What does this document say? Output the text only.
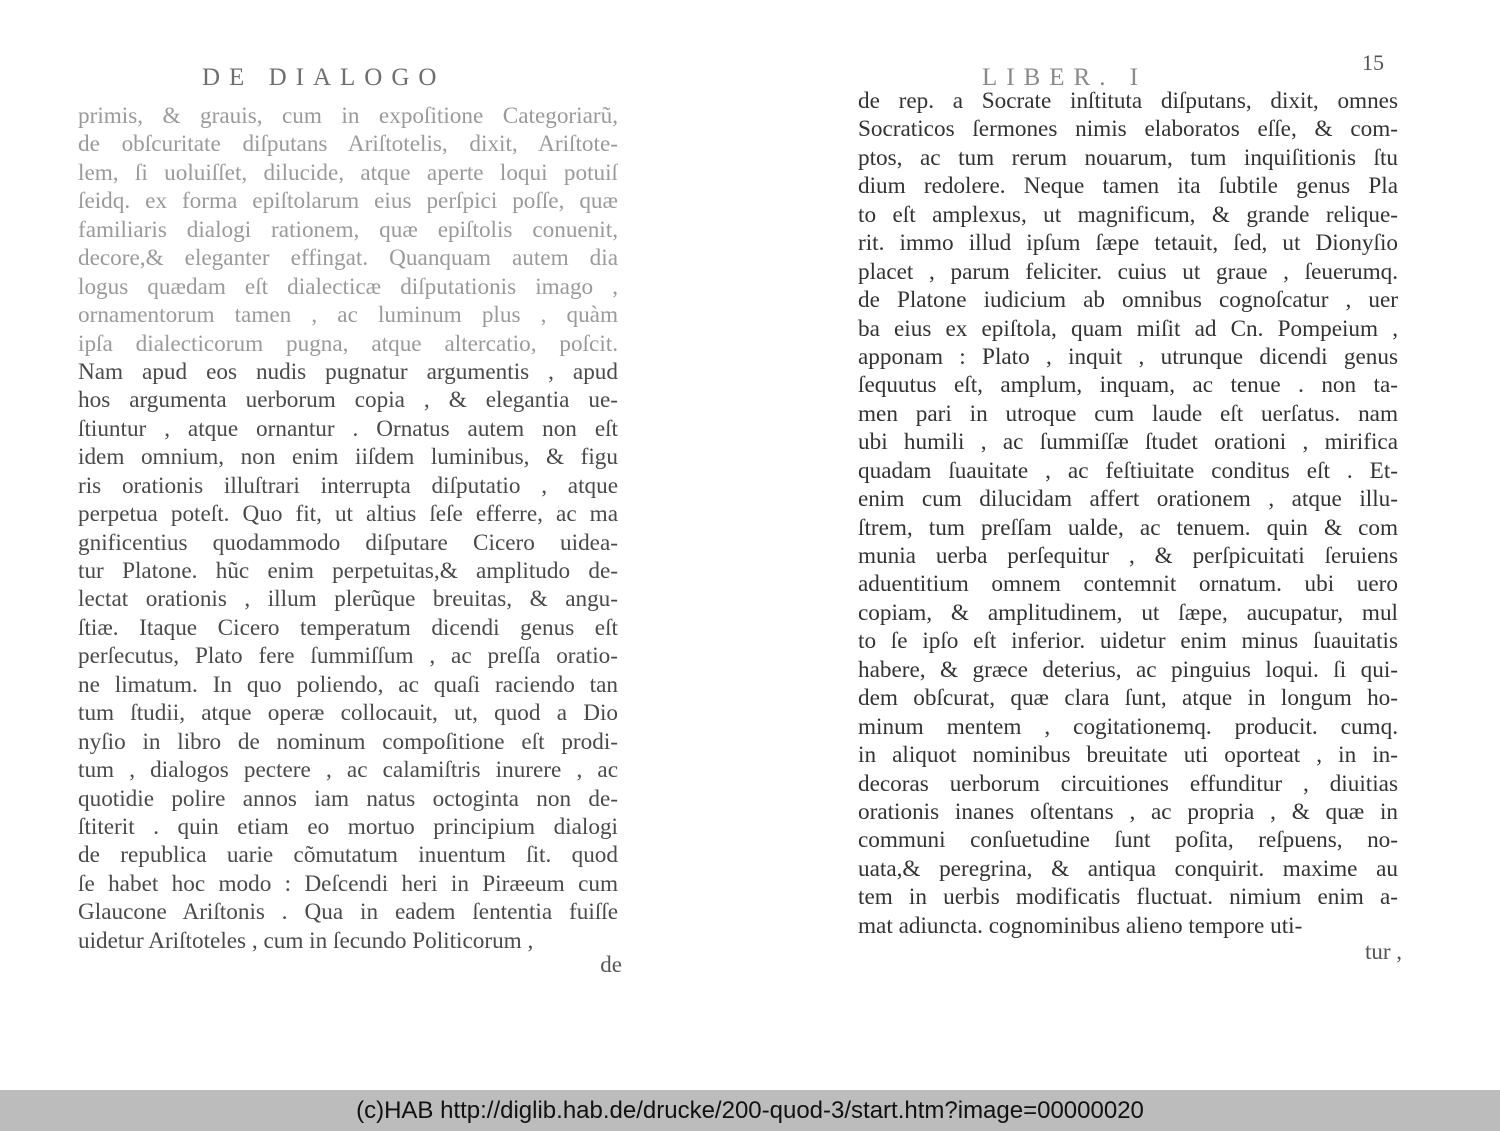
DE DIALOGO
primis, & grauis, cum in expoſitione Categoriarũ,
de obſcuritate diſputans Ariſtotelis, dixit, Ariſtote-
lem, ſi uoluiſſet, dilucide, atque aperte loqui potuiſ
ſeidq. ex forma epiſtolarum eius perſpici poſſe, quæ
familiaris dialogi rationem, quæ epiſtolis conuenit,
decore,& eleganter effingat. Quanquam autem dia
logus quædam eſt dialecticæ diſputationis imago ,
ornamentorum tamen , ac luminum plus , quàm
ipſa dialecticorum pugna, atque altercatio, poſcit.
Nam apud eos nudis pugnatur argumentis , apud
hos argumenta uerborum copia , & elegantia ue-
ſtiuntur , atque ornantur . Ornatus autem non eſt
idem omnium, non enim iiſdem luminibus, & figu
ris orationis illuſtrari interrupta diſputatio , atque
perpetua poteſt. Quo fit, ut altius ſeſe efferre, ac ma
gnificentius quodammodo diſputare Cicero uidea-
tur Platone. hũc enim perpetuitas,& amplitudo de-
lectat orationis , illum plerũque breuitas, & angu-
ſtiæ. Itaque Cicero temperatum dicendi genus eſt
perſecutus, Plato fere ſummiſſum , ac preſſa oratio-
ne limatum. In quo poliendo, ac quaſi raciendo tan
tum ſtudii, atque operæ collocauit, ut, quod a Dio
nyſio in libro de nominum compoſitione eſt prodi-
tum , dialogos pectere , ac calamiſtris inurere , ac
quotidie polire annos iam natus octoginta non de-
ſtiterit . quin etiam eo mortuo principium dialogi
de republica uarie cõmutatum inuentum ſit. quod
ſe habet hoc modo : Deſcendi heri in Piræeum cum
Glaucone Ariſtonis . Qua in eadem ſententia fuiſſe
uidetur Ariſtoteles , cum in ſecundo Politicorum ,
de
LIBER. I
15
de rep. a Socrate inſtituta diſputans, dixit, omnes
Socraticos ſermones nimis elaboratos eſſe, & com-
ptos, ac tum rerum nouarum, tum inquiſitionis ſtu
dium redolere. Neque tamen ita ſubtile genus Pla
to eſt amplexus, ut magnificum, & grande relique-
rit. immo illud ipſum ſæpe tetauit, ſed, ut Dionyſio
placet , parum feliciter. cuius ut graue , ſeuerumq.
de Platone iudicium ab omnibus cognoſcatur , uer
ba eius ex epiſtola, quam miſit ad Cn. Pompeium ,
apponam : Plato , inquit , utrunque dicendi genus
ſequutus eſt, amplum, inquam, ac tenue . non ta-
men pari in utroque cum laude eſt uerſatus. nam
ubi humili , ac ſummiſſæ ſtudet orationi , mirifica
quadam ſuauitate , ac feſtiuitate conditus eſt . Et-
enim cum dilucidam affert orationem , atque illu-
ſtrem, tum preſſam ualde, ac tenuem. quin & com
munia uerba perſequitur , & perſpicuitati ſeruiens
aduentitium omnem contemnit ornatum. ubi uero
copiam, & amplitudinem, ut ſæpe, aucupatur, mul
to ſe ipſo eſt inferior. uidetur enim minus ſuauitatis
habere, & græce deterius, ac pinguius loqui. ſi qui-
dem obſcurat, quæ clara ſunt, atque in longum ho-
minum mentem , cogitationemq. producit. cumq.
in aliquot nominibus breuitate uti oporteat , in in-
decoras uerborum circuitiones effunditur , diuitias
orationis inanes oſtentans , ac propria , & quæ in
communi conſuetudine ſunt poſita, reſpuens, no-
uata,& peregrina, & antiqua conquirit. maxime au
tem in uerbis modificatis fluctuat. nimium enim a-
mat adiuncta. cognominibus alieno tempore uti-
tur ,
(c)HAB http://diglib.hab.de/drucke/200-quod-3/start.htm?image=00000020
